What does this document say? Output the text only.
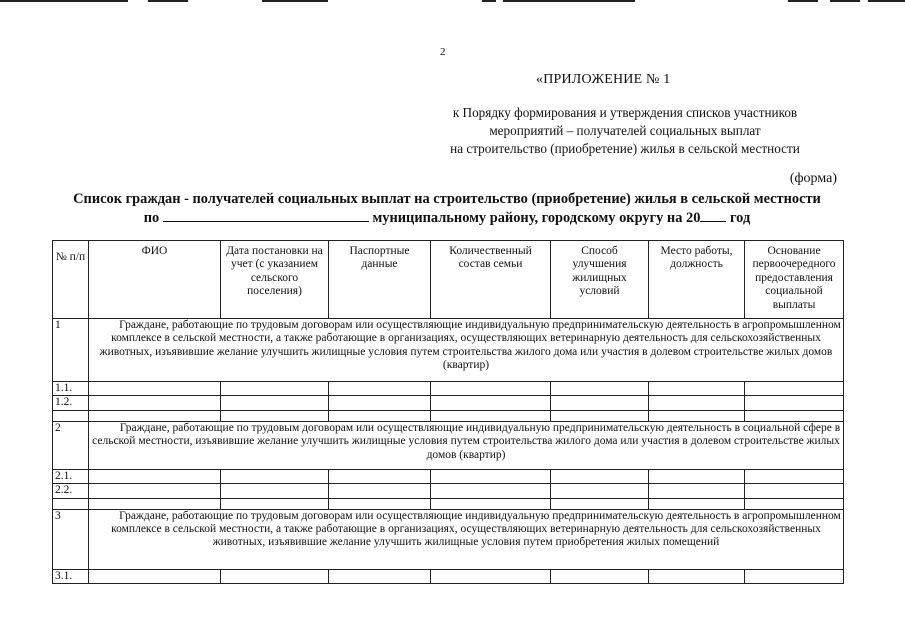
2
«ПРИЛОЖЕНИЕ № 1
к Порядку формирования и утверждения списков участников
мероприятий – получателей социальных выплат
на строительство (приобретение) жилья в сельской местности
(форма)
Список граждан - получателей социальных выплат на строительство (приобретение) жилья в сельской местности
по	муниципальному району, городскому округу на 20 год
№ п/п	ФИО	Дата постановки на учет (с указанием сельского поселения)	Паспортные данные	Количественный состав семьи	Способ улучшения жилищных условий	Место работы, должность	Основание первоочередного предоставления социальной выплаты
1	Граждане, работающие по трудовым договорам или осуществляющие индивидуальную предпринимательскую деятельность в агропромышленном комплексе в сельской местности, а также работающие в организациях, осуществляющих ветеринарную деятельность для сельскохозяйственных животных, изъявившие желание улучшить жилищные условия путем строительства жилого дома или участия в долевом строительстве жилых домов (квартир)						
1.1.							
1.2.							

2	Граждане, работающие по трудовым договорам или осуществляющие индивидуальную предпринимательскую деятельность в социальной сфере в сельской местности, изъявившие желание улучшить жилищные условия путем строительства жилого дома или участия в долевом строительстве жилых домов (квартир)						
2.1.							
2.2.							

3	Граждане, работающие по трудовым договорам или осуществляющие индивидуальную предпринимательскую деятельность в агропромышленном комплексе в сельской местности, а также работающие в организациях, осуществляющих ветеринарную деятельность для сельскохозяйственных животных, изъявившие желание улучшить жилищные условия путем приобретения жилых помещений						
3.1.							
